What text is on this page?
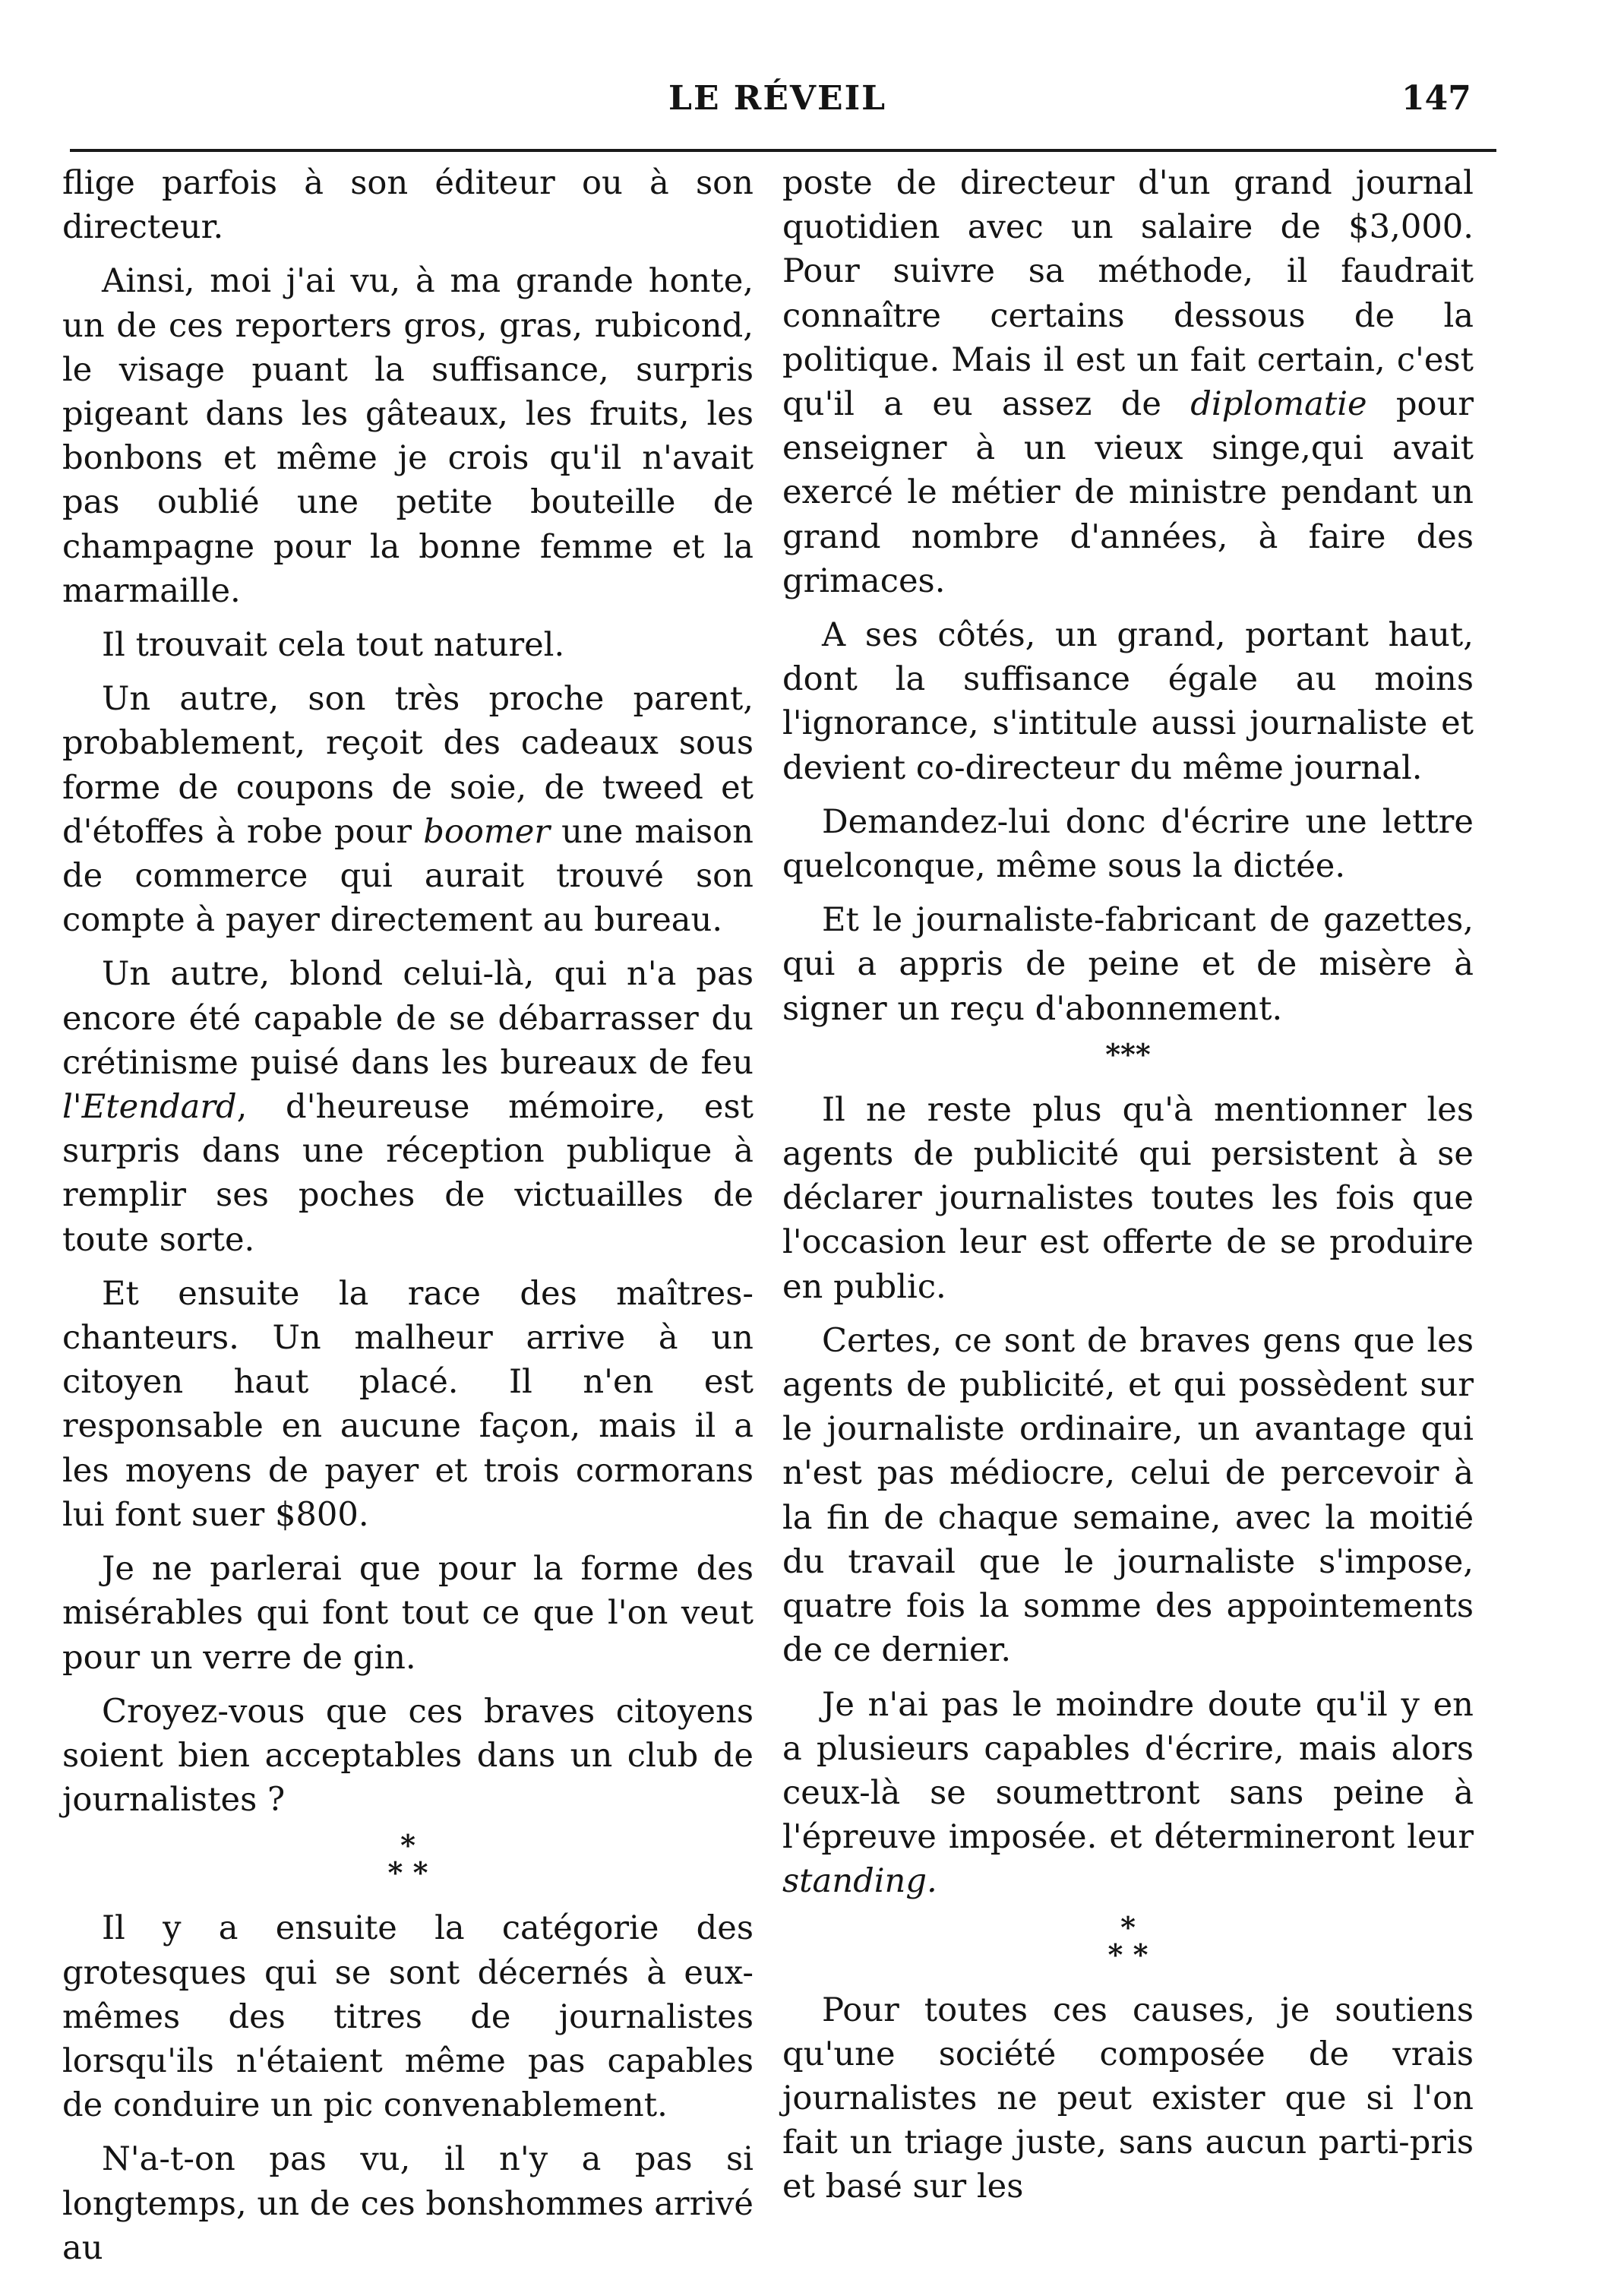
LE RÉVEIL	147

flige parfois à son éditeur ou à son directeur.

Ainsi, moi j'ai vu, à ma grande honte, un de ces reporters gros, gras, rubicond, le visage puant la suffisance, surpris pigeant dans les gâteaux, les fruits, les bonbons et même je crois qu'il n'avait pas oublié une petite bouteille de champagne pour la bonne femme et la marmaille.

Il trouvait cela tout naturel.

Un autre, son très proche parent, probablement, reçoit des cadeaux sous forme de coupons de soie, de tweed et d'étoffes à robe pour boomer une maison de commerce qui aurait trouvé son compte à payer directement au bureau.

Un autre, blond celui-là, qui n'a pas encore été capable de se débarrasser du crétinisme puisé dans les bureaux de feu l'Etendard, d'heureuse mémoire, est surpris dans une réception publique à remplir ses poches de victuailles de toute sorte.

Et ensuite la race des maîtres-chanteurs. Un malheur arrive à un citoyen haut placé. Il n'en est responsable en aucune façon, mais il a les moyens de payer et trois cormorans lui font suer $800.

Je ne parlerai que pour la forme des misérables qui font tout ce que l'on veut pour un verre de gin.

Croyez-vous que ces braves citoyens soient bien acceptables dans un club de journalistes ?

*
* *

Il y a ensuite la catégorie des grotesques qui se sont décernés à eux-mêmes des titres de journalistes lorsqu'ils n'étaient même pas capables de conduire un pic convenablement.

N'a-t-on pas vu, il n'y a pas si longtemps, un de ces bonshommes arrivé au

poste de directeur d'un grand journal quotidien avec un salaire de $3,000. Pour suivre sa méthode, il faudrait connaître certains dessous de la politique. Mais il est un fait certain, c'est qu'il a eu assez de diplomatie pour enseigner à un vieux singe,qui avait exercé le métier de ministre pendant un grand nombre d'années, à faire des grimaces.

A ses côtés, un grand, portant haut, dont la suffisance égale au moins l'ignorance, s'intitule aussi journaliste et devient co-directeur du même journal.

Demandez-lui donc d'écrire une lettre quelconque, même sous la dictée.

Et le journaliste-fabricant de gazettes, qui a appris de peine et de misère à signer un reçu d'abonnement.

***

Il ne reste plus qu'à mentionner les agents de publicité qui persistent à se déclarer journalistes toutes les fois que l'occasion leur est offerte de se produire en public.

Certes, ce sont de braves gens que les agents de publicité, et qui possèdent sur le journaliste ordinaire, un avantage qui n'est pas médiocre, celui de percevoir à la fin de chaque semaine, avec la moitié du travail que le journaliste s'impose, quatre fois la somme des appointements de ce dernier.

Je n'ai pas le moindre doute qu'il y en a plusieurs capables d'écrire, mais alors ceux-là se soumettront sans peine à l'épreuve imposée. et détermineront leur standing.

*
* *

Pour toutes ces causes, je soutiens qu'une société composée de vrais journalistes ne peut exister que si l'on fait un triage juste, sans aucun parti-pris et basé sur les
